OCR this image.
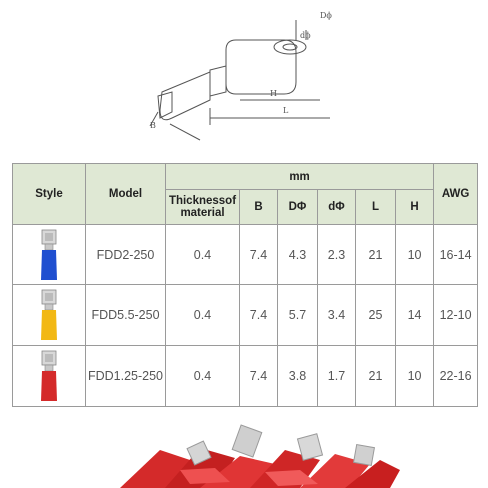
Dϕ
dϕ
H
L
B
Style	Model	mm						AWG
		Thicknessof material	B	DΦ	dΦ	L	H	

	FDD2-250	0.4	7.4	4.3	2.3	21	10	16-14

	FDD5.5-250	0.4	7.4	5.7	3.4	25	14	12-10

	FDD1.25-250	0.4	7.4	3.8	1.7	21	10	22-16
